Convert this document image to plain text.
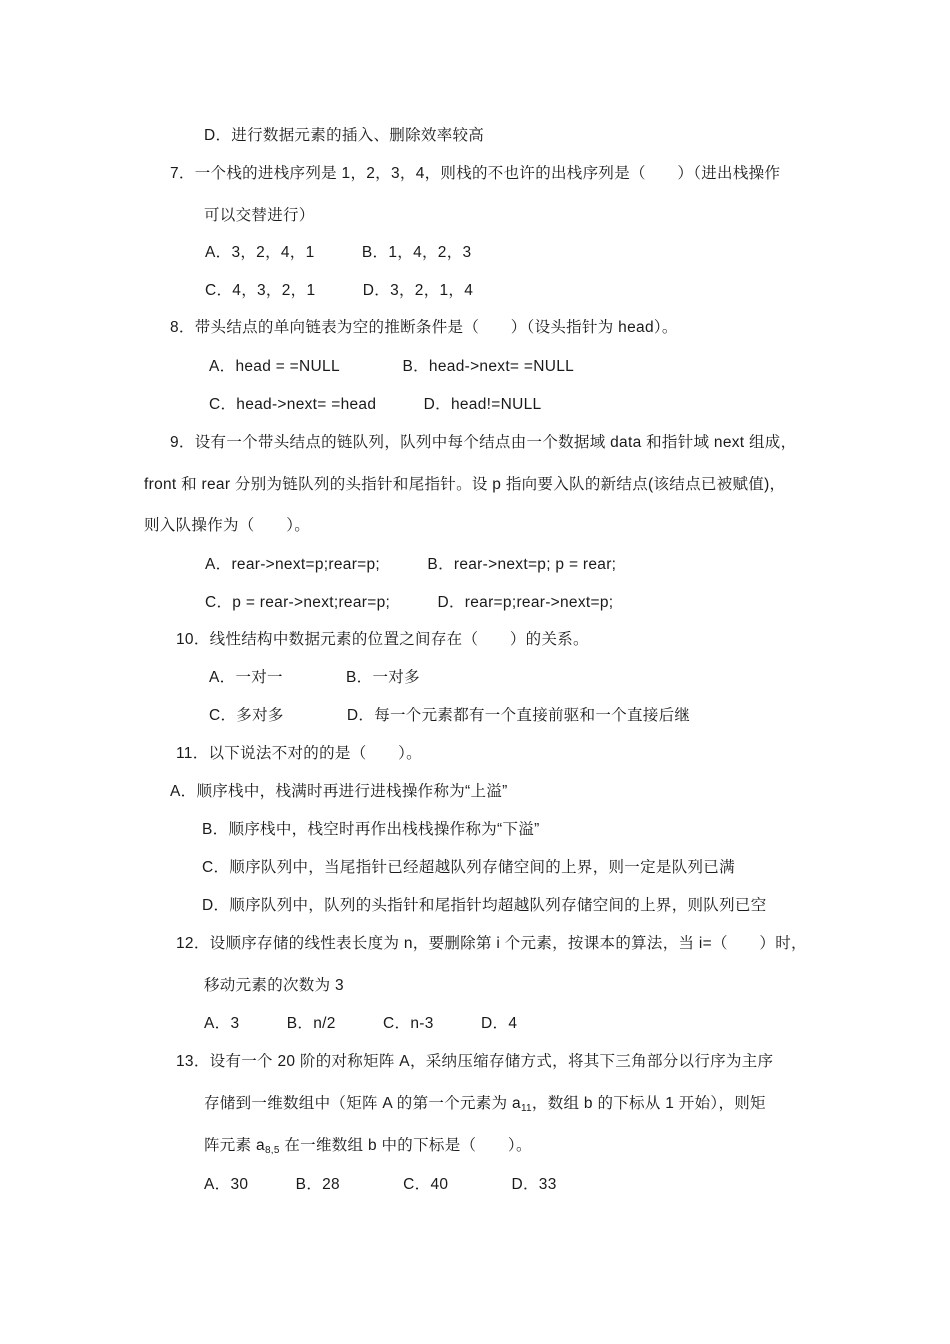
D．进行数据元素的插入、删除效率较高
7．一个栈的进栈序列是 1，2，3，4，则栈的不也许的出栈序列是（　　）（进出栈操作
可以交替进行）
A．3，2，4，1　　　B．1，4，2，3
C．4，3，2，1　　　D．3，2，1，4
8．带头结点的单向链表为空的推断条件是（　　）（设头指针为 head）。
A．head = =NULL　　　　B．head->next= =NULL
C．head->next= =head　　　D．head!=NULL
9．设有一个带头结点的链队列，队列中每个结点由一个数据域 data 和指针域 next 组成，
front 和 rear 分别为链队列的头指针和尾指针。设 p 指向要入队的新结点(该结点已被赋值)，
则入队操作为（　　）。
A．rear->next=p;rear=p;　　　B．rear->next=p; p = rear;
C．p = rear->next;rear=p;　　　D．rear=p;rear->next=p;
10．线性结构中数据元素的位置之间存在（　　）的关系。
A．一对一　　　　B．一对多
C．多对多　　　　D．每一个元素都有一个直接前驱和一个直接后继
11．以下说法不对的的是（　　）。
A．顺序栈中，栈满时再进行进栈操作称为“上溢”
B．顺序栈中，栈空时再作出栈栈操作称为“下溢”
C．顺序队列中，当尾指针已经超越队列存储空间的上界，则一定是队列已满
D．顺序队列中，队列的头指针和尾指针均超越队列存储空间的上界，则队列已空
12．设顺序存储的线性表长度为 n，要删除第 i 个元素，按课本的算法，当 i=（　　）时，
移动元素的次数为 3
A．3　　　B．n/2　　　C．n-3　　　D．4
13．设有一个 20 阶的对称矩阵 A，采纳压缩存储方式，将其下三角部分以行序为主序
存储到一维数组中（矩阵 A 的第一个元素为 $a_{11}$，数组 b 的下标从 1 开始），则矩
阵元素 $a_{8,5}$ 在一维数组 b 中的下标是（　　）。
A．30　　　B．28　　　　C．40　　　　D．33
